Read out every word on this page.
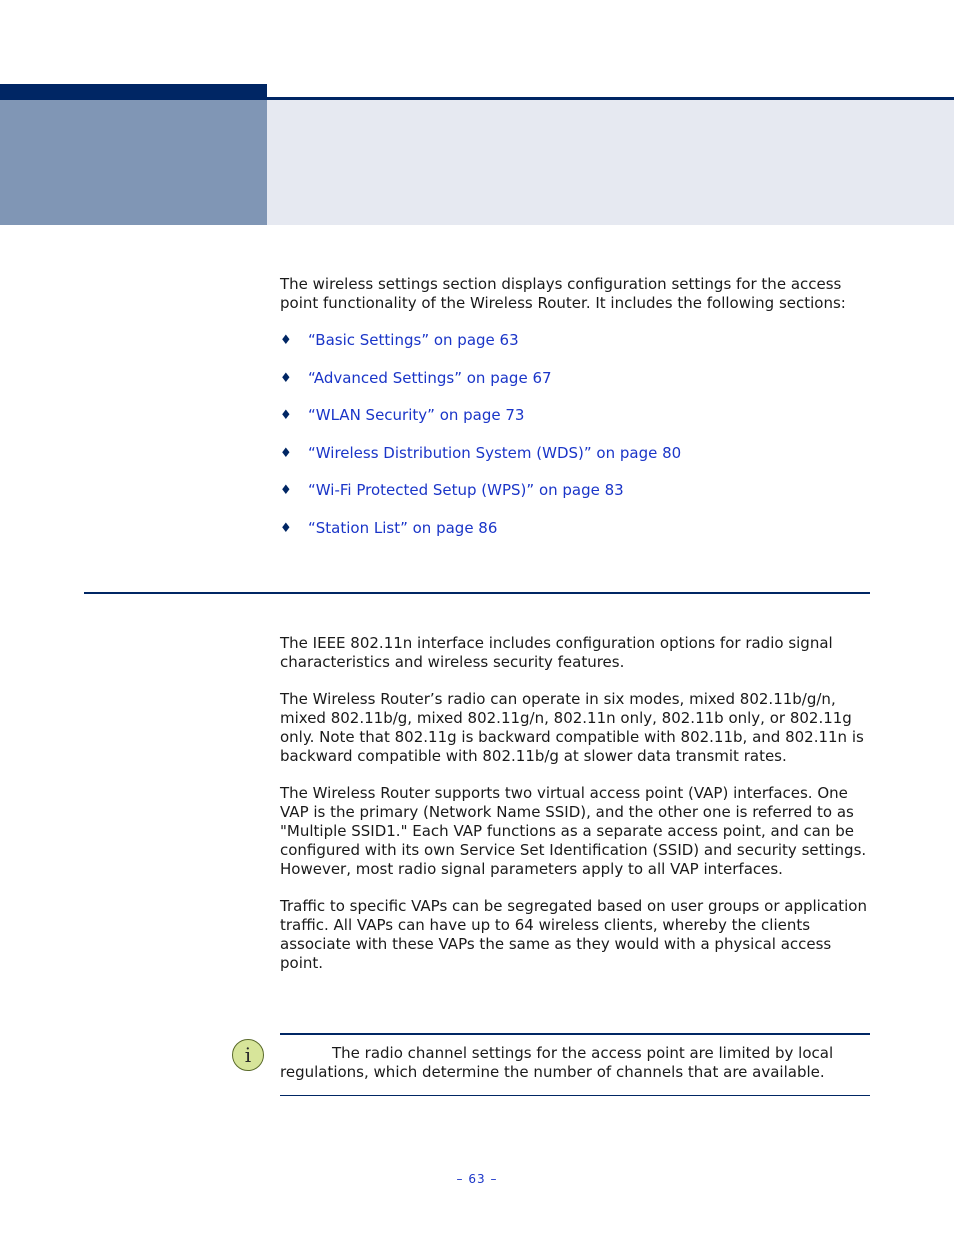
The wireless settings section displays configuration settings for the access point functionality of the Wireless Router. It includes the following sections:

♦	“Basic Settings” on page 63
♦	“Advanced Settings” on page 67
♦	“WLAN Security” on page 73
♦	“Wireless Distribution System (WDS)” on page 80
♦	“Wi-Fi Protected Setup (WPS)” on page 83
♦	“Station List” on page 86

The IEEE 802.11n interface includes configuration options for radio signal characteristics and wireless security features.

The Wireless Router’s radio can operate in six modes, mixed 802.11b/g/n, mixed 802.11b/g, mixed 802.11g/n, 802.11n only, 802.11b only, or 802.11g only. Note that 802.11g is backward compatible with 802.11b, and 802.11n is backward compatible with 802.11b/g at slower data transmit rates.

The Wireless Router supports two virtual access point (VAP) interfaces. One VAP is the primary (Network Name SSID), and the other one is referred to as "Multiple SSID1." Each VAP functions as a separate access point, and can be configured with its own Service Set Identification (SSID) and security settings. However, most radio signal parameters apply to all VAP interfaces.

Traffic to specific VAPs can be segregated based on user groups or application traffic. All VAPs can have up to 64 wireless clients, whereby the clients associate with these VAPs the same as they would with a physical access point.

i	The radio channel settings for the access point are limited by local regulations, which determine the number of channels that are available.

– 63 –
